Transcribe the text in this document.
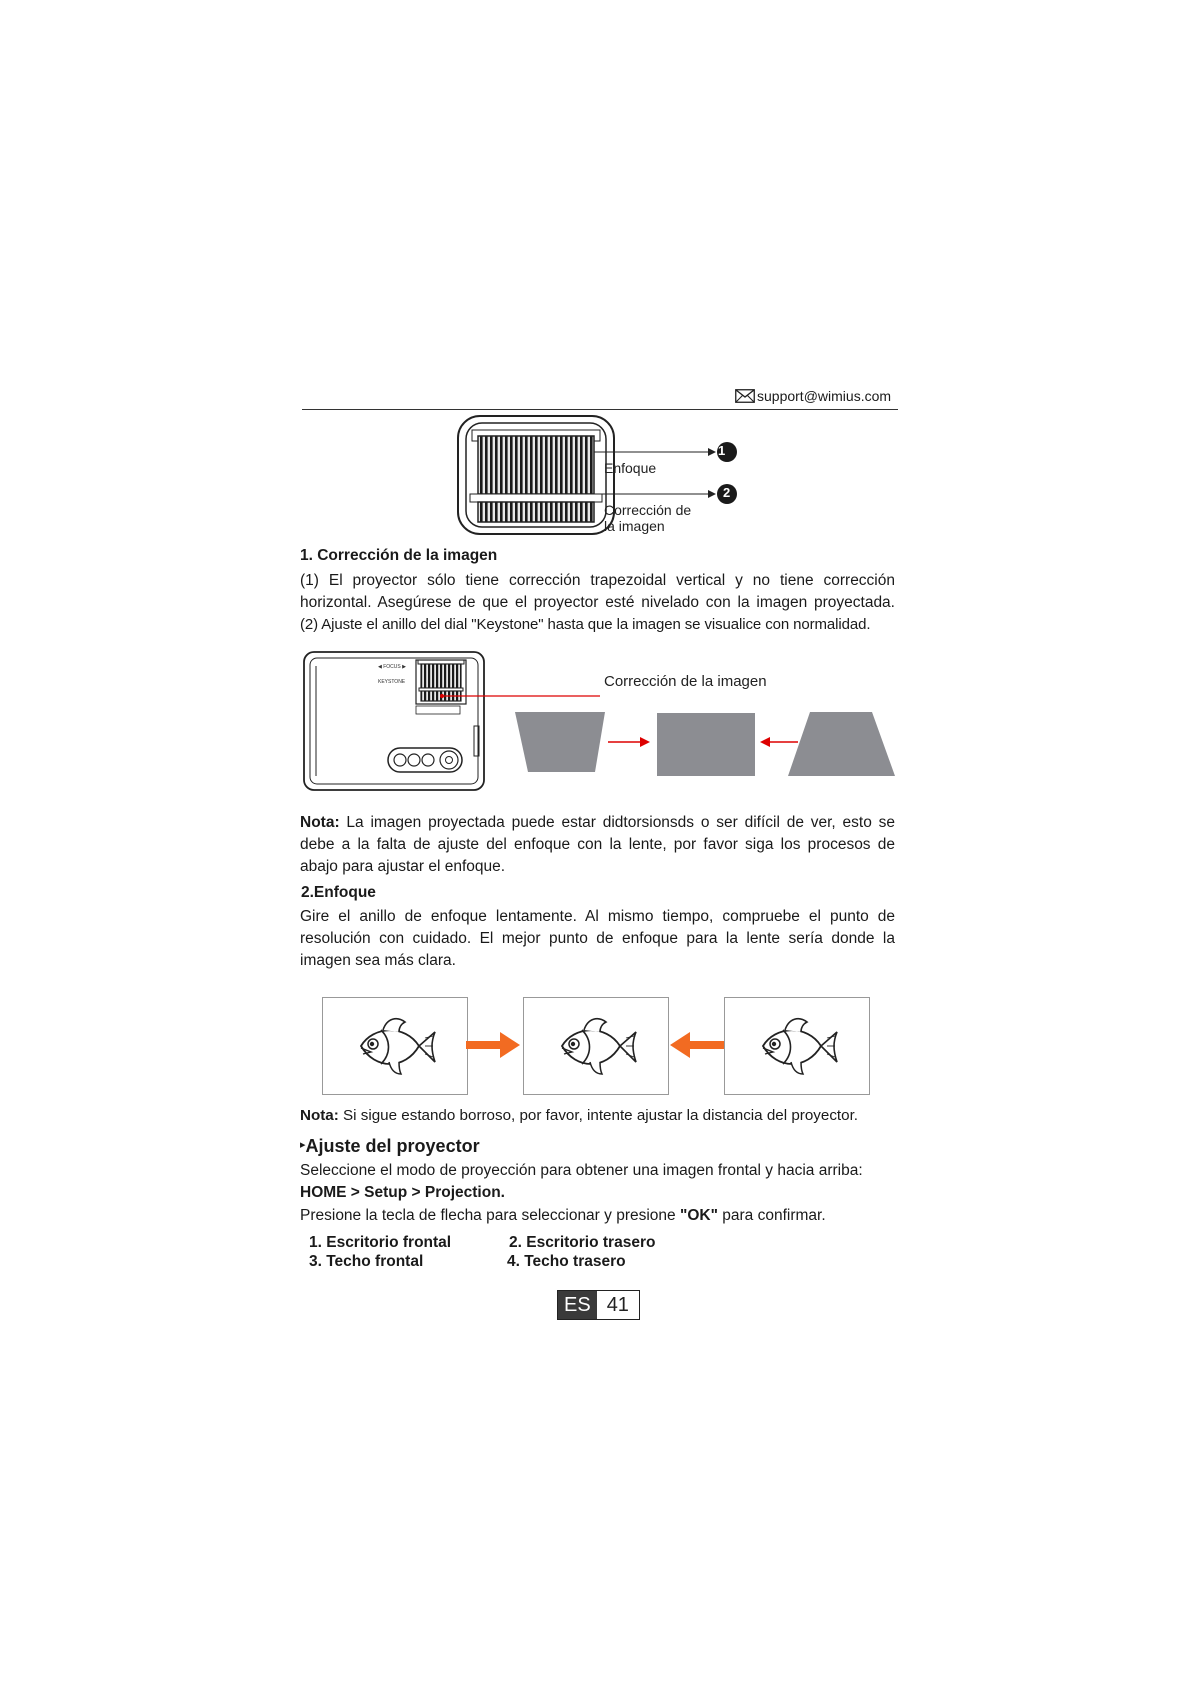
support@wimius.com
1
2
Enfoque
Corrección de
la imagen
1. Corrección de la imagen
(1) El proyector sólo tiene corrección trapezoidal vertical y no tiene corrección
horizontal. Asegúrese de que el proyector esté nivelado con la imagen proyectada.
(2) Ajuste el anillo del dial "Keystone" hasta que la imagen se visualice con normalidad.
◀ FOCUS ▶
KEYSTONE	Corrección de la imagen
Nota: La imagen proyectada puede estar didtorsionsds o ser difícil de ver, esto se
debe a la falta de ajuste del enfoque con la lente, por favor siga los procesos de
abajo para ajustar el enfoque.
2.Enfoque
Gire el anillo de enfoque lentamente. Al mismo tiempo, compruebe el punto de
resolución con cuidado. El mejor punto de enfoque para la lente sería donde la
imagen sea más clara.
Nota: Si sigue estando borroso, por favor, intente ajustar la distancia del proyector.
▸Ajuste del proyector
Seleccione el modo de proyección para obtener una imagen frontal y hacia arriba:
HOME > Setup > Projection.
Presione la tecla de flecha para seleccionar y presione "OK" para confirmar.
1. Escritorio frontal	2. Escritorio trasero
3. Techo frontal	4. Techo trasero
ES 41
